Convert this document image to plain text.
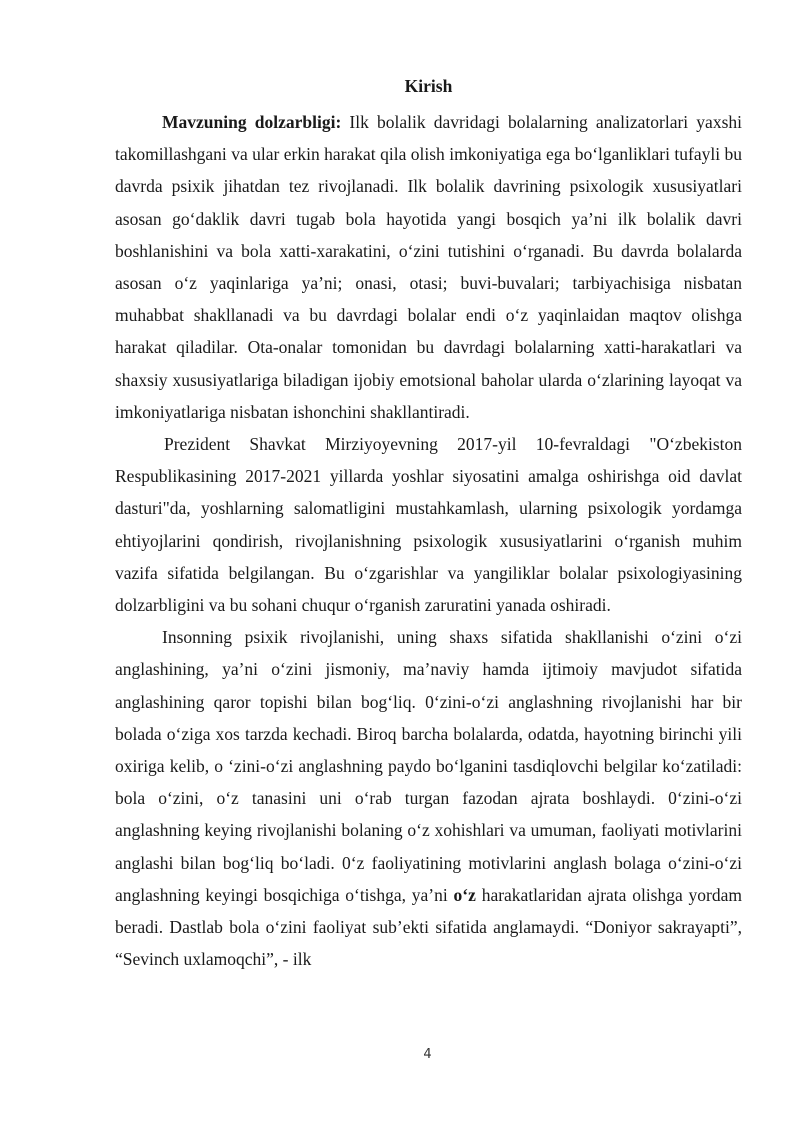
Kirish

Mavzuning dolzarbligi: Ilk bolalik davridagi bolalarning analizatorlari yaxshi takomillashgani va ular erkin harakat qila olish imkoniyatiga ega bo‘lganliklari tufayli bu davrda psixik jihatdan tez rivojlanadi. Ilk bolalik davrining psixologik xususiyatlari asosan go‘daklik davri tugab bola hayotida yangi bosqich ya’ni ilk bolalik davri boshlanishini va bola xatti-xarakatini, o‘zini tutishini o‘rganadi. Bu davrda bolalarda asosan o‘z yaqinlariga ya’ni; onasi, otasi; buvi-buvalari; tarbiyachisiga nisbatan muhabbat shakllanadi va bu davrdagi bolalar endi o‘z yaqinlaidan maqtov olishga harakat qiladilar. Ota-onalar tomonidan bu davrdagi bolalarning xatti-harakatlari va shaxsiy xususiyatlariga biladigan ijobiy emotsional baholar ularda o‘zlarining layoqat va imkoniyatlariga nisbatan ishonchini shakllantiradi.

Prezident Shavkat Mirziyoyevning 2017-yil 10-fevraldagi "O‘zbekiston Respublikasining 2017-2021 yillarda yoshlar siyosatini amalga oshirishga oid davlat dasturi"da, yoshlarning salomatligini mustahkamlash, ularning psixologik yordamga ehtiyojlarini qondirish, rivojlanishning psixologik xususiyatlarini o‘rganish muhim vazifa sifatida belgilangan. Bu o‘zgarishlar va yangiliklar bolalar psixologiyasining dolzarbligini va bu sohani chuqur o‘rganish zaruratini yanada oshiradi.

Insonning psixik rivojlanishi, uning shaxs sifatida shakllanishi o‘zini o‘zi anglashining, ya’ni o‘zini jismoniy, ma’naviy hamda ijtimoiy mavjudot sifatida anglashining qaror topishi bilan bog‘liq. 0‘zini-o‘zi anglashning rivojlanishi har bir bolada o‘ziga xos tarzda kechadi. Biroq barcha bolalarda, odatda, hayotning birinchi yili oxiriga kelib, o ‘zini-o‘zi anglashning paydo bo‘lganini tasdiqlovchi belgilar ko‘zatiladi: bola o‘zini, o‘z tanasini uni o‘rab turgan fazodan ajrata boshlaydi. 0‘zini-o‘zi anglashning keying rivojlanishi bolaning o‘z xohishlari va umuman, faoliyati motivlarini anglashi bilan bog‘liq bo‘ladi. 0‘z faoliyatining motivlarini anglash bolaga o‘zini-o‘zi anglashning keyingi bosqichiga o‘tishga, ya’ni o‘z harakatlaridan ajrata olishga yordam beradi. Dastlab bola o‘zini faoliyat sub’ekti sifatida anglamaydi. “Doniyor sakrayapti”, “Sevinch uxlamoqchi”, - ilk

4
